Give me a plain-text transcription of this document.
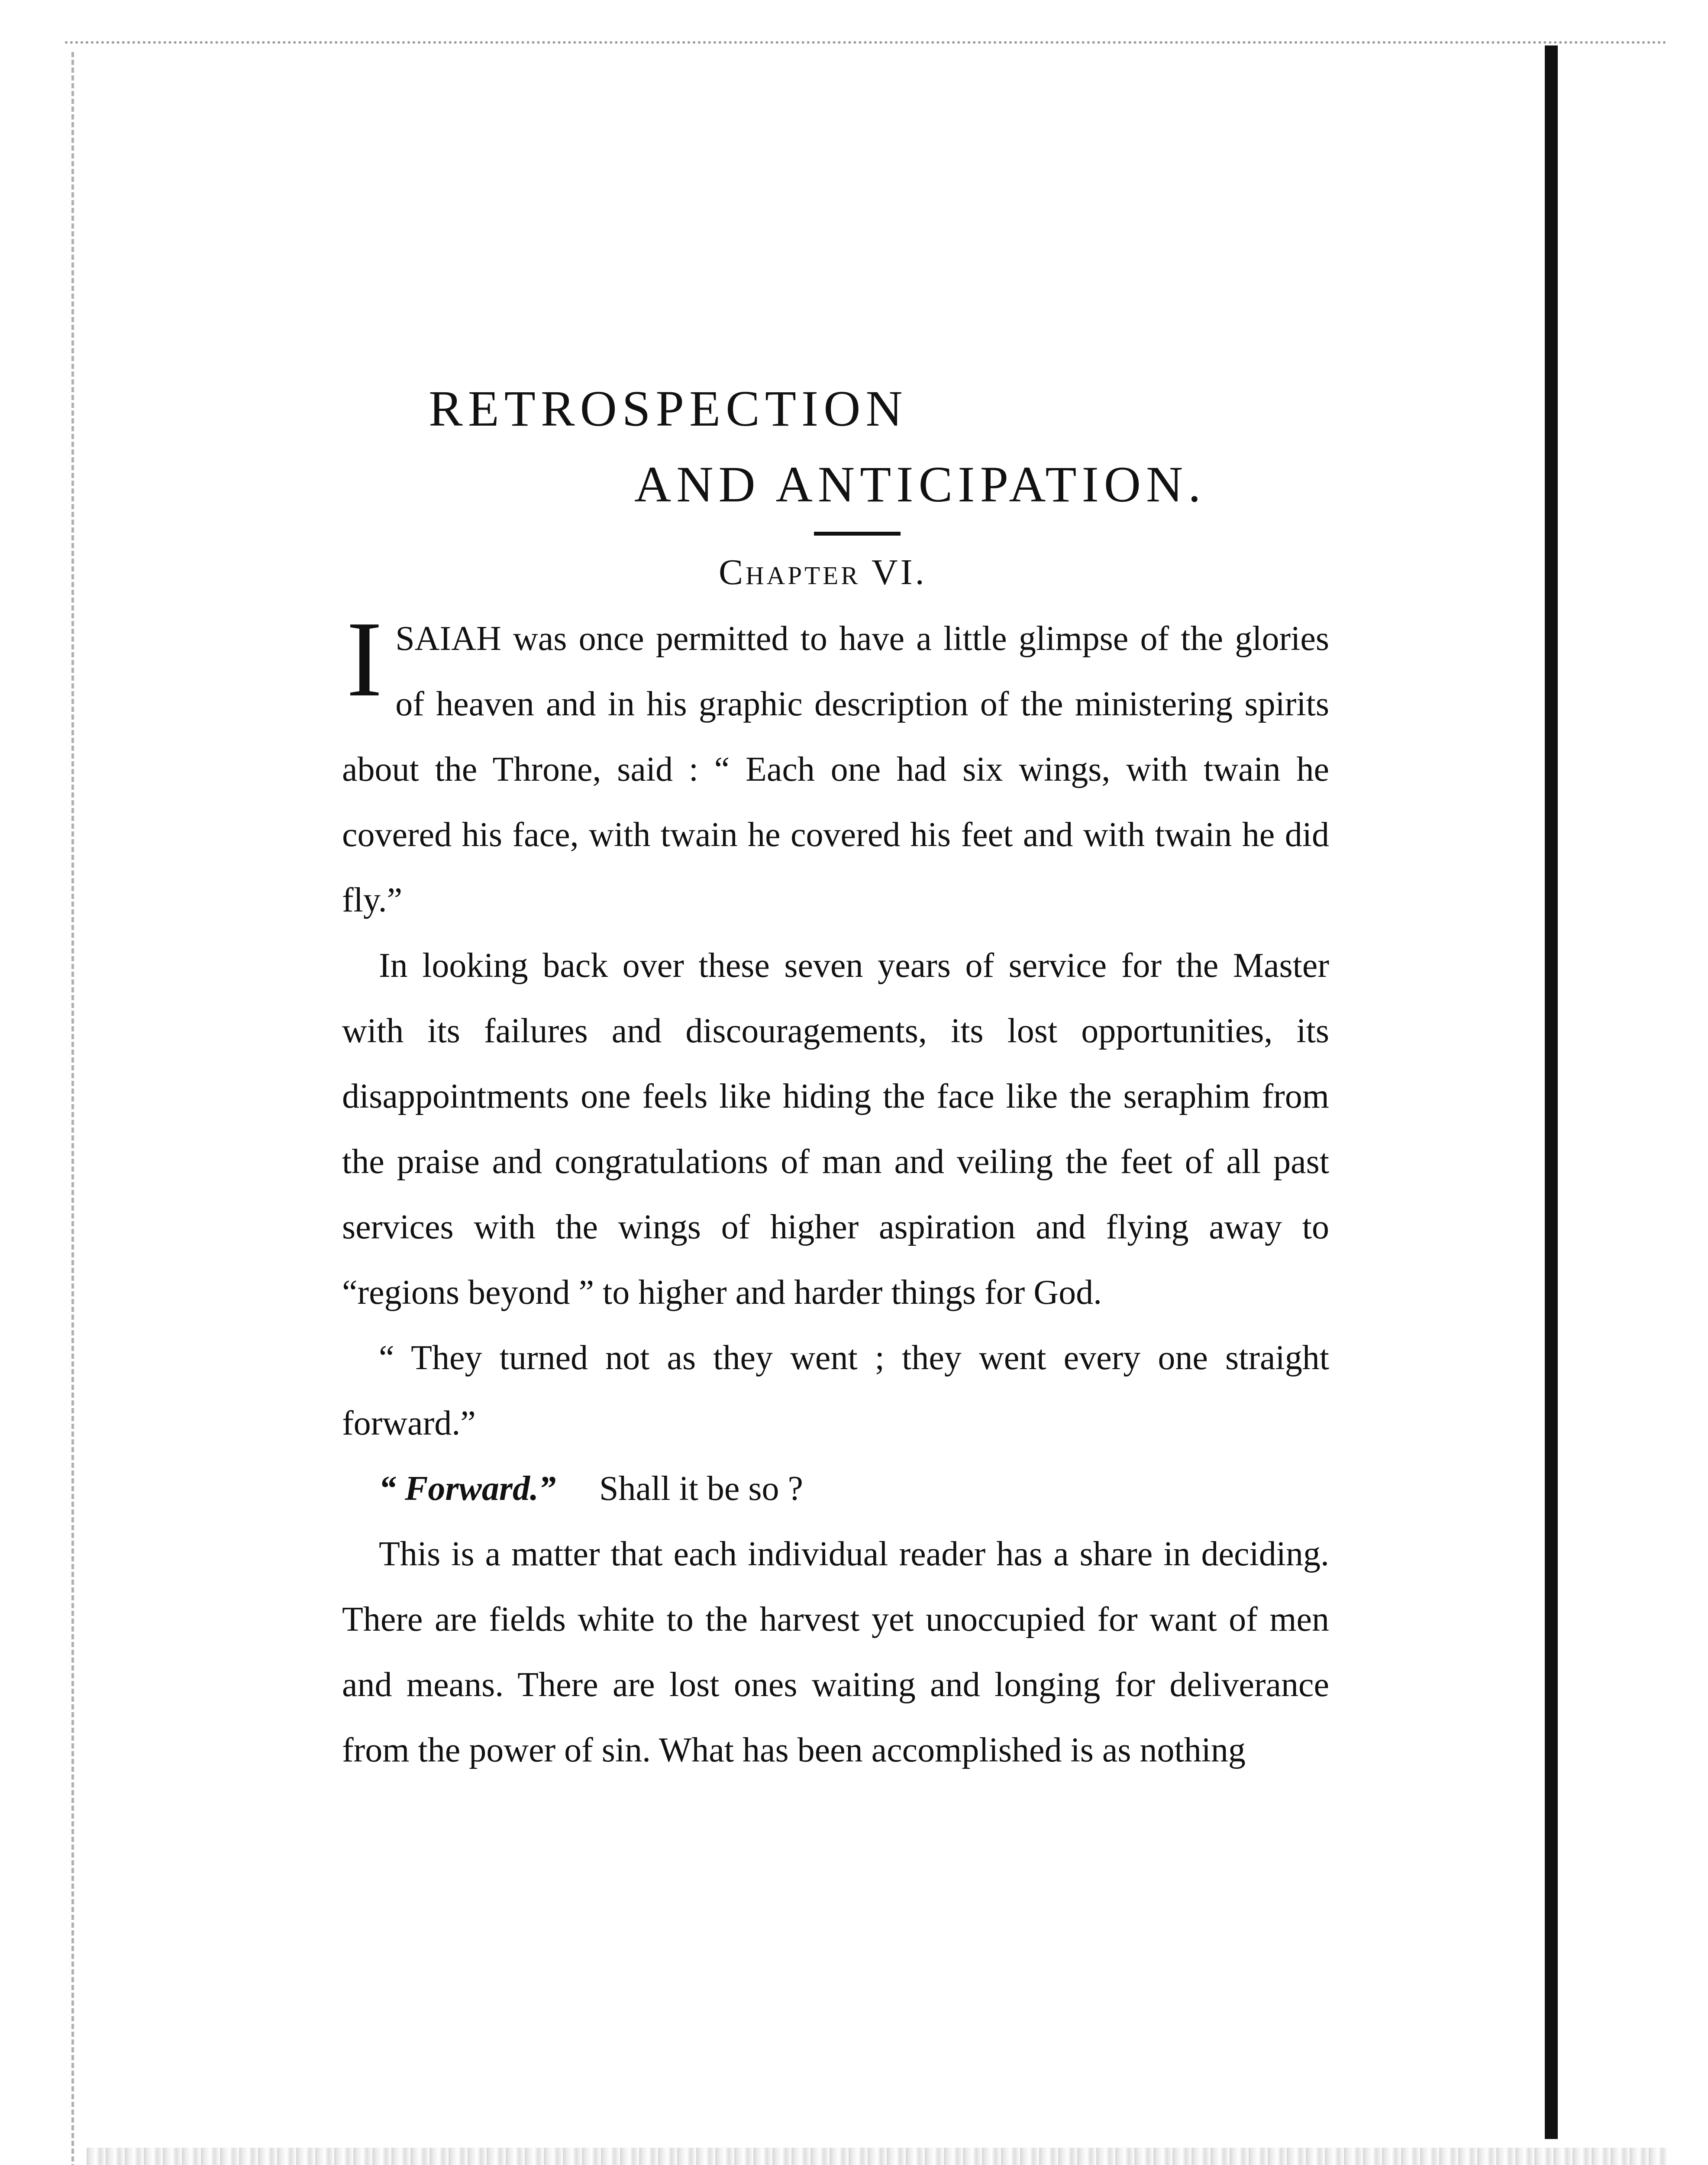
RETROSPECTION
AND ANTICIPATION.
Chapter VI.

ISAIAH was once permitted to have a little glimpse of the glories of heaven and in his graphic description of the ministering spirits about the Throne, said : “ Each one had six wings, with twain he covered his face, with twain he covered his feet and with twain he did fly.”

In looking back over these seven years of service for the Master with its failures and discouragements, its lost opportunities, its disappointments one feels like hiding the face like the seraphim from the praise and congratulations of man and veiling the feet of all past services with the wings of higher aspiration and flying away to “regions beyond ” to higher and harder things for God.

“ They turned not as they went ; they went every one straight forward.”

“ Forward.” Shall it be so ?

This is a matter that each individual reader has a share in deciding. There are fields white to the harvest yet unoccupied for want of men and means. There are lost ones waiting and longing for deliverance from the power of sin. What has been accomplished is as nothing
